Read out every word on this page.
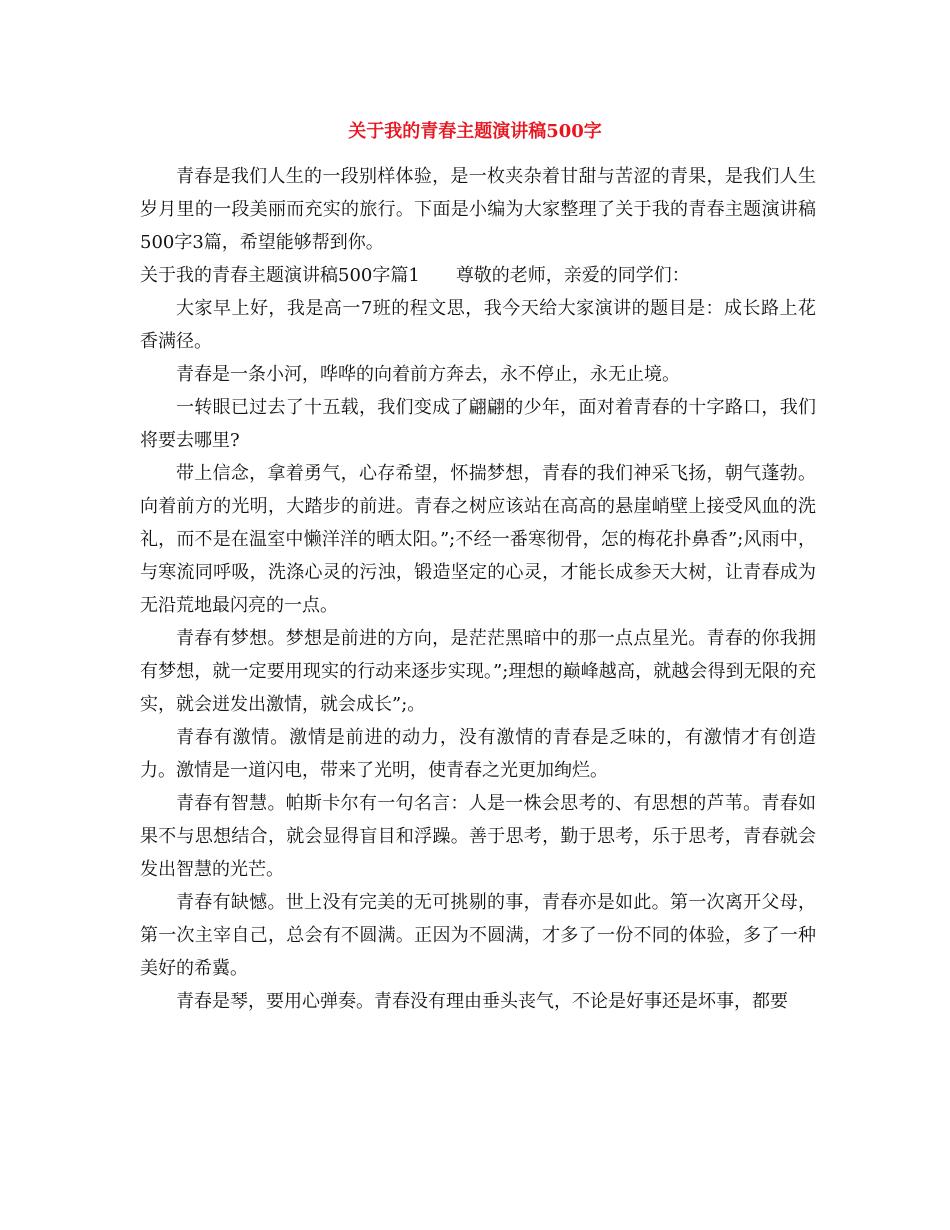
关于我的青春主题演讲稿500字

青春是我们人生的一段别样体验，是一枚夹杂着甘甜与苦涩的青果，是我们人生岁月里的一段美丽而充实的旅行。下面是小编为大家整理了关于我的青春主题演讲稿500字3篇，希望能够帮到你。

关于我的青春主题演讲稿500字篇1 尊敬的老师，亲爱的同学们：

大家早上好，我是高一7班的程文思，我今天给大家演讲的题目是：成长路上花香满径。

青春是一条小河，哗哗的向着前方奔去，永不停止，永无止境。

一转眼已过去了十五载，我们变成了翩翩的少年，面对着青春的十字路口，我们将要去哪里?

带上信念，拿着勇气，心存希望，怀揣梦想，青春的我们神采飞扬，朝气蓬勃。向着前方的光明，大踏步的前进。青春之树应该站在高高的悬崖峭壁上接受风血的洗礼，而不是在温室中懒洋洋的晒太阳。”;不经一番寒彻骨，怎的梅花扑鼻香”;风雨中，与寒流同呼吸，洗涤心灵的污浊，锻造坚定的心灵，才能长成参天大树，让青春成为无沿荒地最闪亮的一点。

青春有梦想。梦想是前进的方向，是茫茫黑暗中的那一点点星光。青春的你我拥有梦想，就一定要用现实的行动来逐步实现。”;理想的巅峰越高，就越会得到无限的充实，就会迸发出激情，就会成长”;。

青春有激情。激情是前进的动力，没有激情的青春是乏味的，有激情才有创造力。激情是一道闪电，带来了光明，使青春之光更加绚烂。

青春有智慧。帕斯卡尔有一句名言：人是一株会思考的、有思想的芦苇。青春如果不与思想结合，就会显得盲目和浮躁。善于思考，勤于思考，乐于思考，青春就会发出智慧的光芒。

青春有缺憾。世上没有完美的无可挑剔的事，青春亦是如此。第一次离开父母，第一次主宰自己，总会有不圆满。正因为不圆满，才多了一份不同的体验，多了一种美好的希冀。

青春是琴，要用心弹奏。青春没有理由垂头丧气，不论是好事还是坏事，都要
